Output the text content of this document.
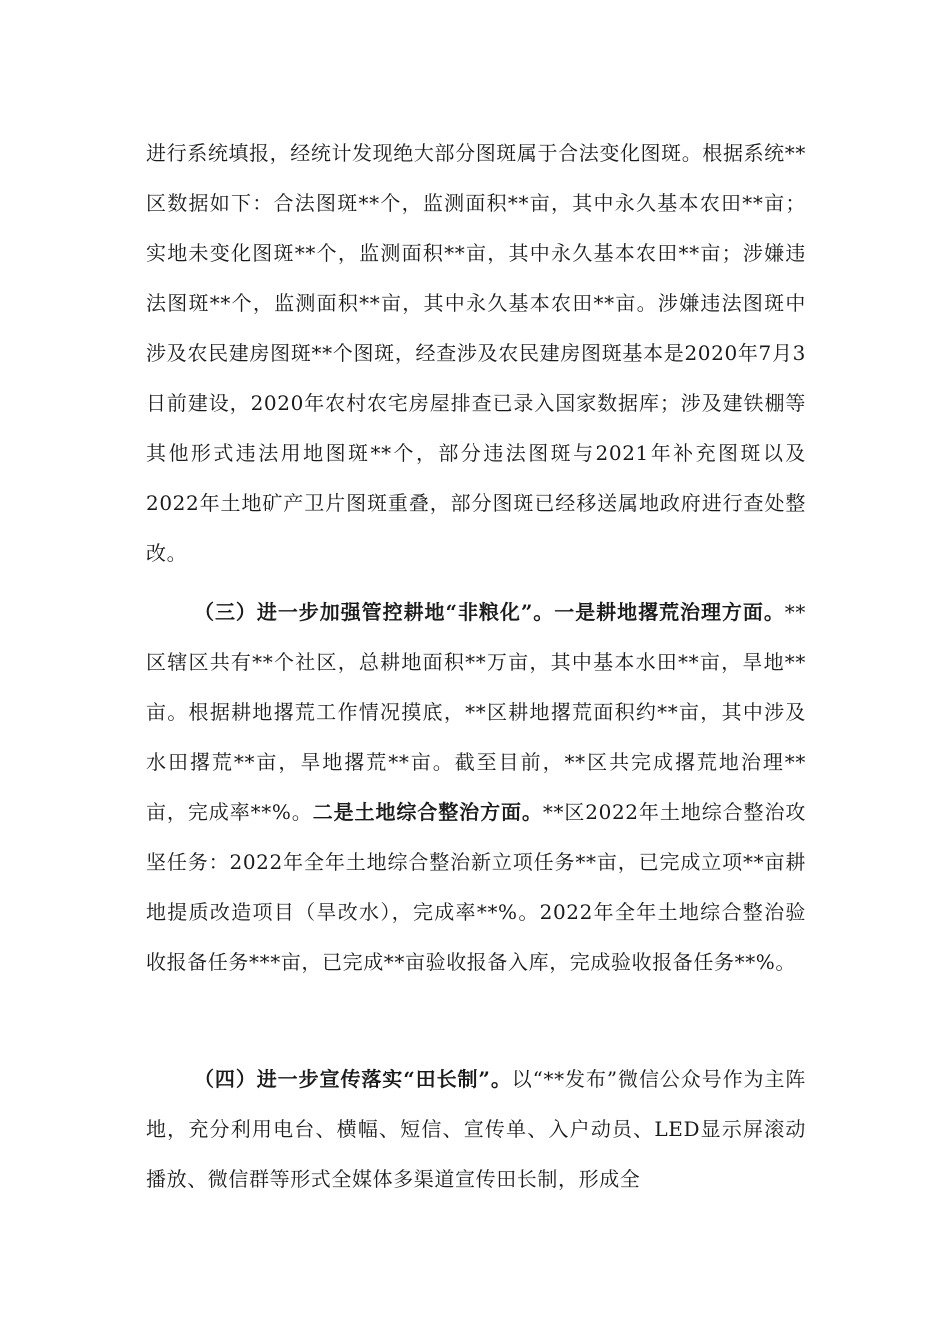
进行系统填报，经统计发现绝大部分图斑属于合法变化图斑。根据系统**区数据如下：合法图斑**个，监测面积**亩，其中永久基本农田**亩；实地未变化图斑**个，监测面积**亩，其中永久基本农田**亩；涉嫌违法图斑**个，监测面积**亩，其中永久基本农田**亩。涉嫌违法图斑中涉及农民建房图斑**个图斑，经查涉及农民建房图斑基本是2020年7月3日前建设，2020年农村农宅房屋排查已录入国家数据库；涉及建铁棚等其他形式违法用地图斑**个，部分违法图斑与2021年补充图斑以及2022年土地矿产卫片图斑重叠，部分图斑已经移送属地政府进行查处整改。

（三）进一步加强管控耕地“非粮化”。一是耕地撂荒治理方面。**区辖区共有**个社区，总耕地面积**万亩，其中基本水田**亩，旱地**亩。根据耕地撂荒工作情况摸底，**区耕地撂荒面积约**亩，其中涉及水田撂荒**亩，旱地撂荒**亩。截至目前，**区共完成撂荒地治理**亩，完成率**%。二是土地综合整治方面。**区2022年土地综合整治攻坚任务：2022年全年土地综合整治新立项任务**亩，已完成立项**亩耕地提质改造项目（旱改水），完成率**%。2022年全年土地综合整治验收报备任务***亩，已完成**亩验收报备入库，完成验收报备任务**%。

（四）进一步宣传落实“田长制”。以“**发布”微信公众号作为主阵地，充分利用电台、横幅、短信、宣传单、入户动员、LED显示屏滚动播放、微信群等形式全媒体多渠道宣传田长制，形成全
